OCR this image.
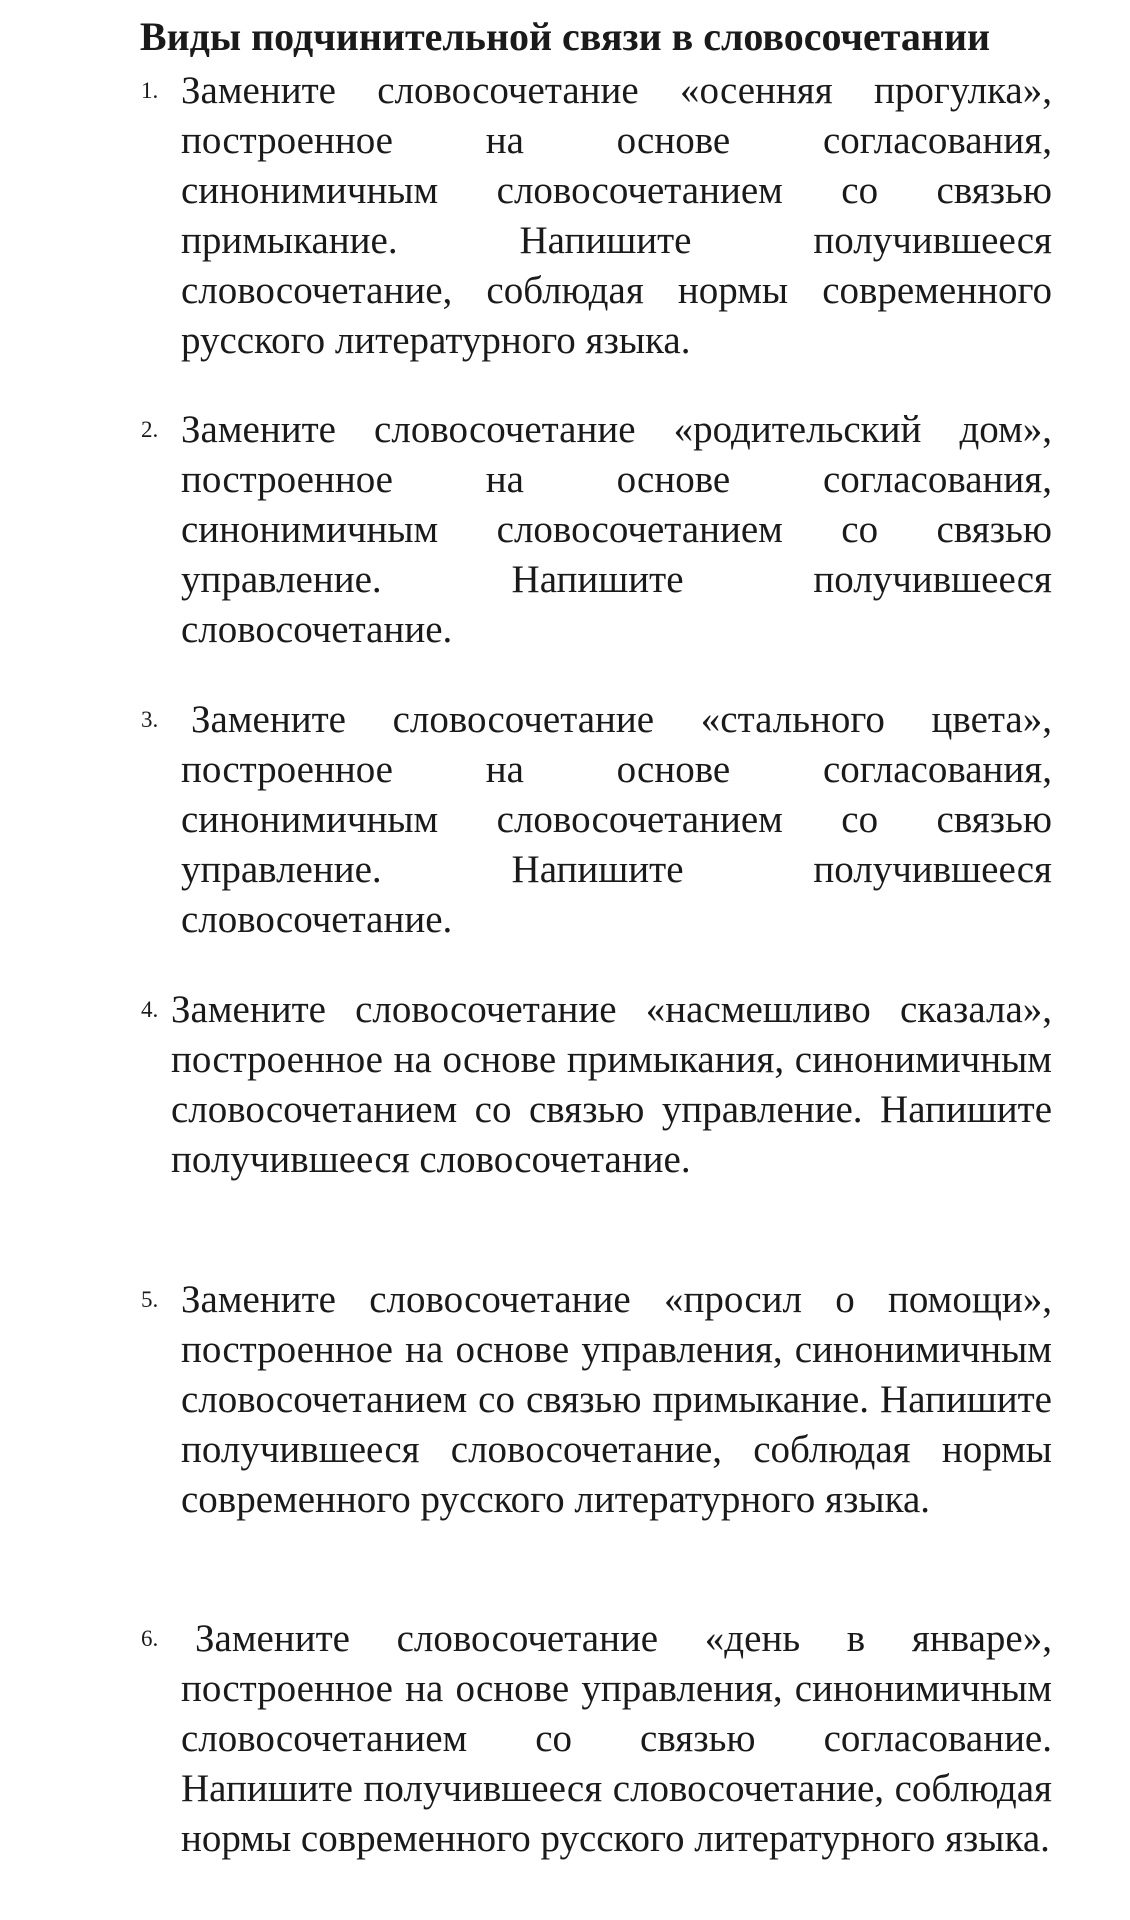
Виды подчинительной связи в словосочетании
1. Замените словосочетание «осенняя прогулка», построенное на основе согласования, синонимичным словосочетанием со связью примыкание. Напишите получившееся словосочетание, соблюдая нормы современного русского литературного языка.
2. Замените словосочетание «родительский дом», построенное на основе согласования, синонимичным словосочетанием со связью управление. Напишите получившееся словосочетание.
3. Замените словосочетание «стального цвета», построенное на основе согласования, синонимичным словосочетанием со связью управление. Напишите получившееся словосочетание.
4. Замените словосочетание «насмешливо сказала», построенное на основе примыкания, синонимичным словосочетанием со связью управление. Напишите получившееся словосочетание.
5. Замените словосочетание «просил о помощи», построенное на основе управления, синонимичным словосочетанием со связью примыкание. Напишите получившееся словосочетание, соблюдая нормы современного русского литературного языка.
6. Замените словосочетание «день в январе», построенное на основе управления, синонимичным словосочетанием со связью согласование. Напишите получившееся словосочетание, соблюдая нормы современного русского литературного языка.
